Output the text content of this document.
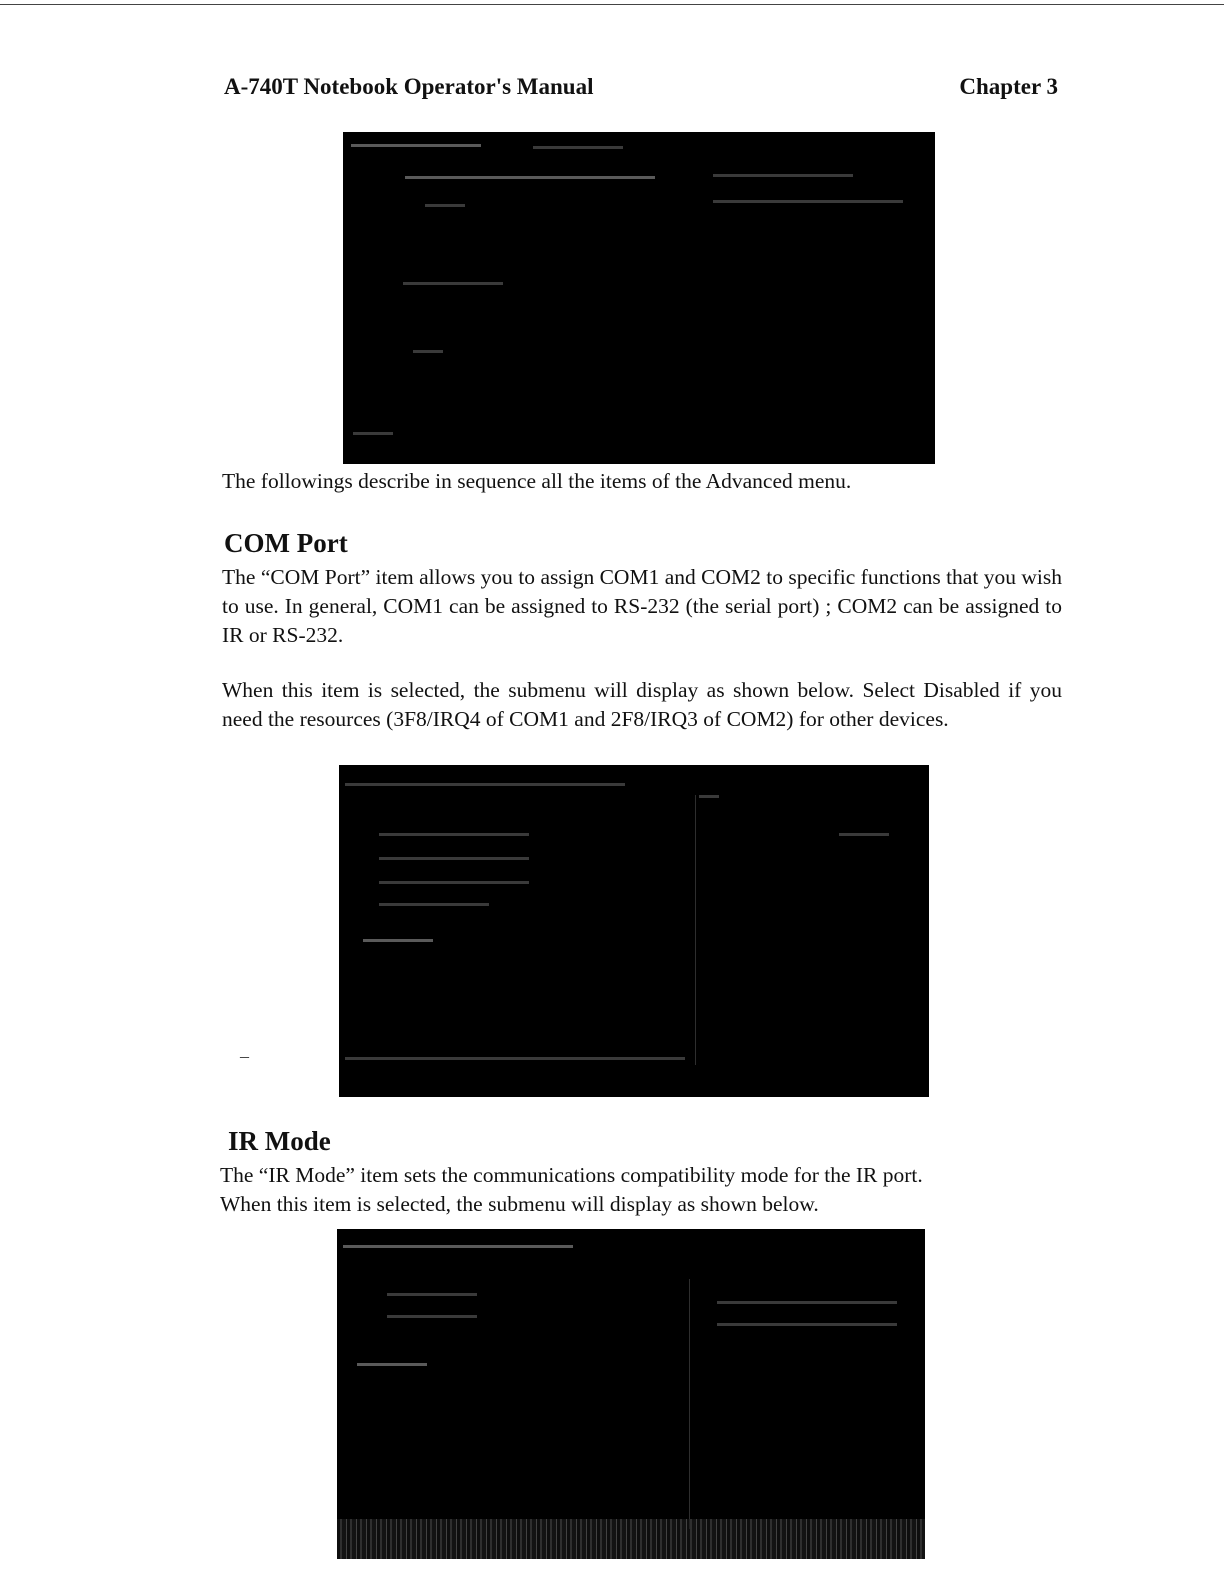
A-740T Notebook Operator's Manual	Chapter 3

The followings describe in sequence all the items of the Advanced menu.

COM Port

The “COM Port” item allows you to assign COM1 and COM2 to specific functions that you wish to use. In general, COM1 can be assigned to RS-232 (the serial port) ; COM2 can be assigned to IR or RS-232.

When this item is selected, the submenu will display as shown below. Select Disabled if you need the resources (3F8/IRQ4 of COM1 and 2F8/IRQ3 of COM2) for other devices.

–
IR Mode

The “IR Mode” item sets the communications compatibility mode for the IR port.

When this item is selected, the submenu will display as shown below.
